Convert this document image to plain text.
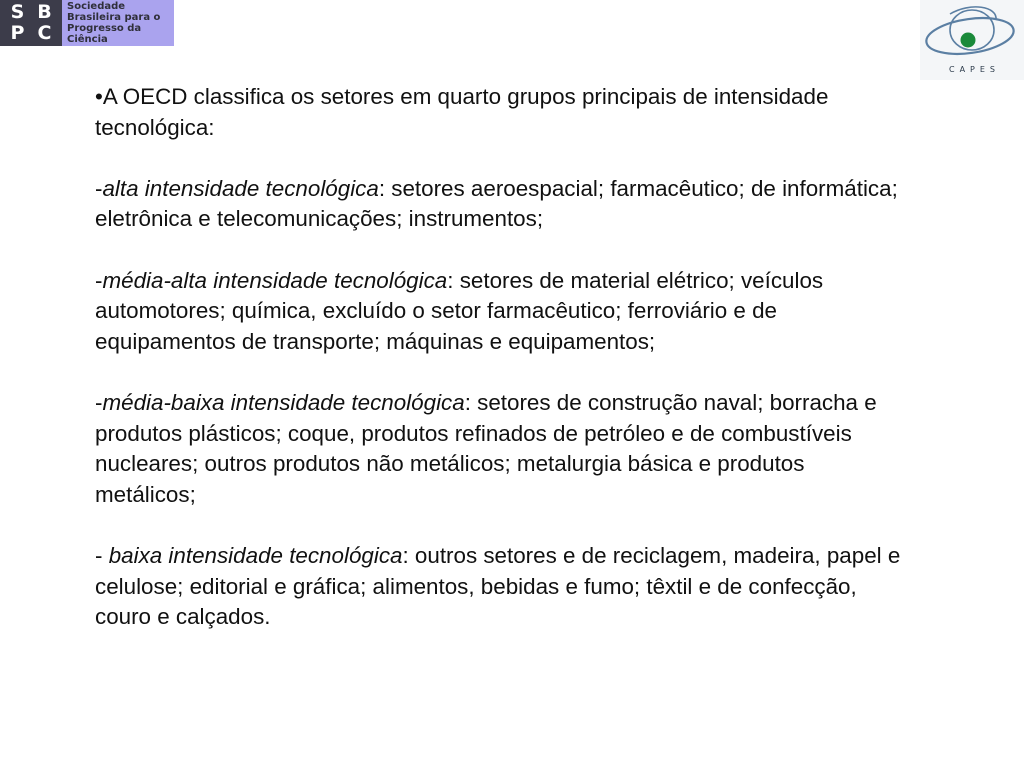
S B
P C
Sociedade
Brasileira para o
Progresso da
Ciência
CAPES

•A OECD classifica os setores em quarto grupos principais de intensidade tecnológica:

-alta intensidade tecnológica: setores aeroespacial; farmacêutico; de informática; eletrônica e telecomunicações; instrumentos;

-média-alta intensidade tecnológica: setores de material elétrico; veículos automotores; química, excluído o setor farmacêutico; ferroviário e de equipamentos de transporte; máquinas e equipamentos;

-média-baixa intensidade tecnológica: setores de construção naval; borracha e produtos plásticos; coque, produtos refinados de petróleo e de combustíveis nucleares; outros produtos não metálicos; metalurgia básica e produtos metálicos;

- baixa intensidade tecnológica: outros setores e de reciclagem, madeira, papel e celulose; editorial e gráfica; alimentos, bebidas e fumo; têxtil e de confecção, couro e calçados.
